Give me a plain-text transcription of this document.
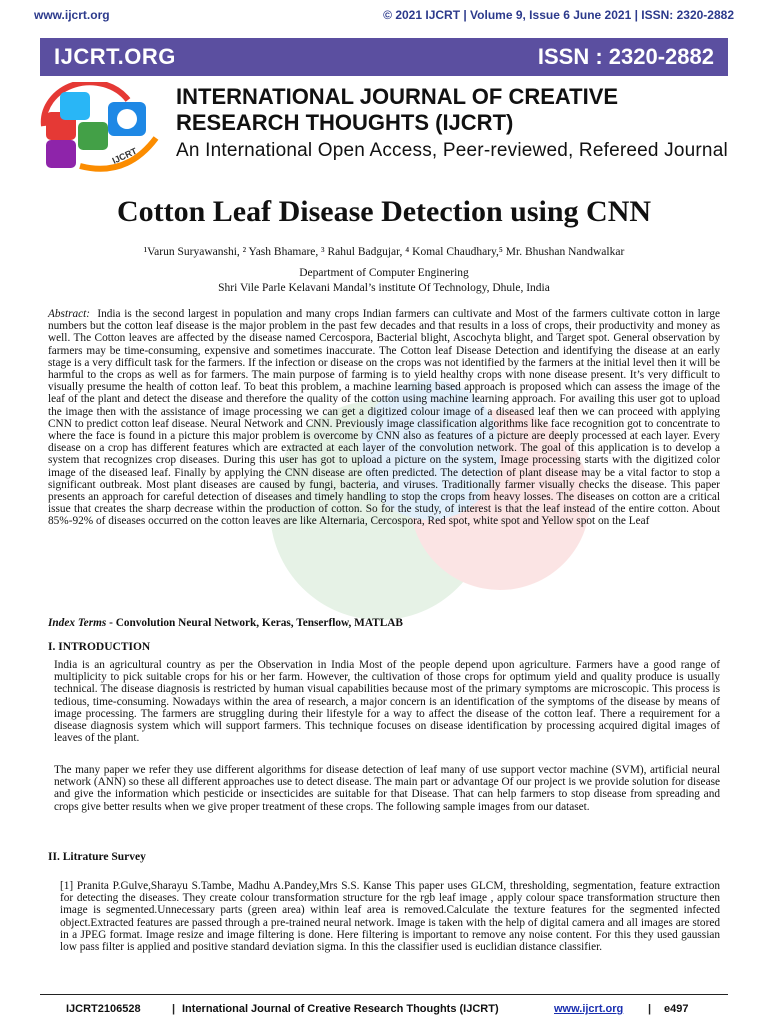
www.ijcrt.org	© 2021 IJCRT | Volume 9, Issue 6 June 2021 | ISSN: 2320-2882
IJCRT.ORG	ISSN : 2320-2882
IJCRT
INTERNATIONAL JOURNAL OF CREATIVE
RESEARCH THOUGHTS (IJCRT)
An International Open Access, Peer-reviewed, Refereed Journal
Cotton Leaf Disease Detection using CNN
¹Varun Suryawanshi, ² Yash Bhamare, ³ Rahul Badgujar, ⁴ Komal Chaudhary,⁵ Mr. Bhushan Nandwalkar
Department of Computer Enginering
Shri Vile Parle Kelavani Mandal’s institute Of Technology, Dhule, India
Abstract: India is the second largest in population and many crops Indian farmers can cultivate and Most of the farmers cultivate cotton in large numbers but the cotton leaf disease is the major problem in the past few decades and that results in a loss of crops, their productivity and money as well. The Cotton leaves are affected by the disease named Cercospora, Bacterial blight, Ascochyta blight, and Target spot. General observation by farmers may be time-consuming, expensive and sometimes inaccurate. The Cotton leaf Disease Detection and identifying the disease at an early stage is a very difficult task for the farmers. If the infection or disease on the crops was not identified by the farmers at the initial level then it will be harmful to the crops as well as for farmers. The main purpose of farming is to yield healthy crops with none disease present. It’s very difficult to visually presume the health of cotton leaf. To beat this problem, a machine learning based approach is proposed which can assess the image of the leaf of the plant and detect the disease and therefore the quality of the cotton using machine learning approach. For availing this user got to upload the image then with the assistance of image processing we can get a digitized colour image of a diseased leaf then we can proceed with applying CNN to predict cotton leaf disease. Neural Network and CNN. Previously image classification algorithms like face recognition got to concentrate to where the face is found in a picture this major problem is overcome by CNN also as features of a picture are deeply processed at each layer. Every disease on a crop has different features which are extracted at each layer of the convolution network. The goal of this application is to develop a system that recognizes crop diseases. During this user has got to upload a picture on the system, Image processing starts with the digitized color image of the diseased leaf. Finally by applying the CNN disease are often predicted. The detection of plant disease may be a vital factor to stop a significant outbreak. Most plant diseases are caused by fungi, bacteria, and viruses. Traditionally farmer visually checks the disease. This paper presents an approach for careful detection of diseases and timely handling to stop the crops from heavy losses. The diseases on cotton are a critical issue that creates the sharp decrease within the production of cotton. So for the study, of interest is that the leaf instead of the entire cotton. About 85%-92% of diseases occurred on the cotton leaves are like Alternaria, Cercospora, Red spot, white spot and Yellow spot on the Leaf
Index Terms - Convolution Neural Network, Keras, Tenserflow, MATLAB
I. INTRODUCTION
India is an agricultural country as per the Observation in India Most of the people depend upon agriculture. Farmers have a good range of multiplicity to pick suitable crops for his or her farm. However, the cultivation of those crops for optimum yield and quality produce is usually technical. The disease diagnosis is restricted by human visual capabilities because most of the primary symptoms are microscopic. This process is tedious, time-consuming. Nowadays within the area of research, a major concern is an identification of the symptoms of the disease by means of image processing. The farmers are struggling during their lifestyle for a way to affect the disease of the cotton leaf. There a requirement for a disease diagnosis system which will support farmers. This technique focuses on disease identification by processing acquired digital images of leaves of the plant.
The many paper we refer they use different algorithms for disease detection of leaf many of use support vector machine (SVM), artificial neural network (ANN) so these all different approaches use to detect disease. The main part or advantage Of our project is we provide solution for disease and give the information which pesticide or insecticides are suitable for that Disease. That can help farmers to stop disease from spreading and crops give better results when we give proper treatment of these crops. The following sample images from our dataset.
II. Litrature Survey
[1] Pranita P.Gulve,Sharayu S.Tambe, Madhu A.Pandey,Mrs S.S. Kanse This paper uses GLCM, thresholding, segmentation, feature extraction for detecting the diseases. They create colour transformation structure for the rgb leaf image , apply colour space transformation structure then image is segmented.Unnecessary parts (green area) within leaf area is removed.Calculate the texture features for the segmented infected object.Extracted features are passed through a pre-trained neural network. Image is taken with the help of digital camera and all images are stored in a JPEG format. Image resize and image filtering is done. Here filtering is important to remove any noise content. For this they used gaussian low pass filter is applied and positive standard deviation sigma. In this the classifier used is euclidian distance classifier.
IJCRT2106528	| International Journal of Creative Research Thoughts (IJCRT)	www.ijcrt.org | e497
